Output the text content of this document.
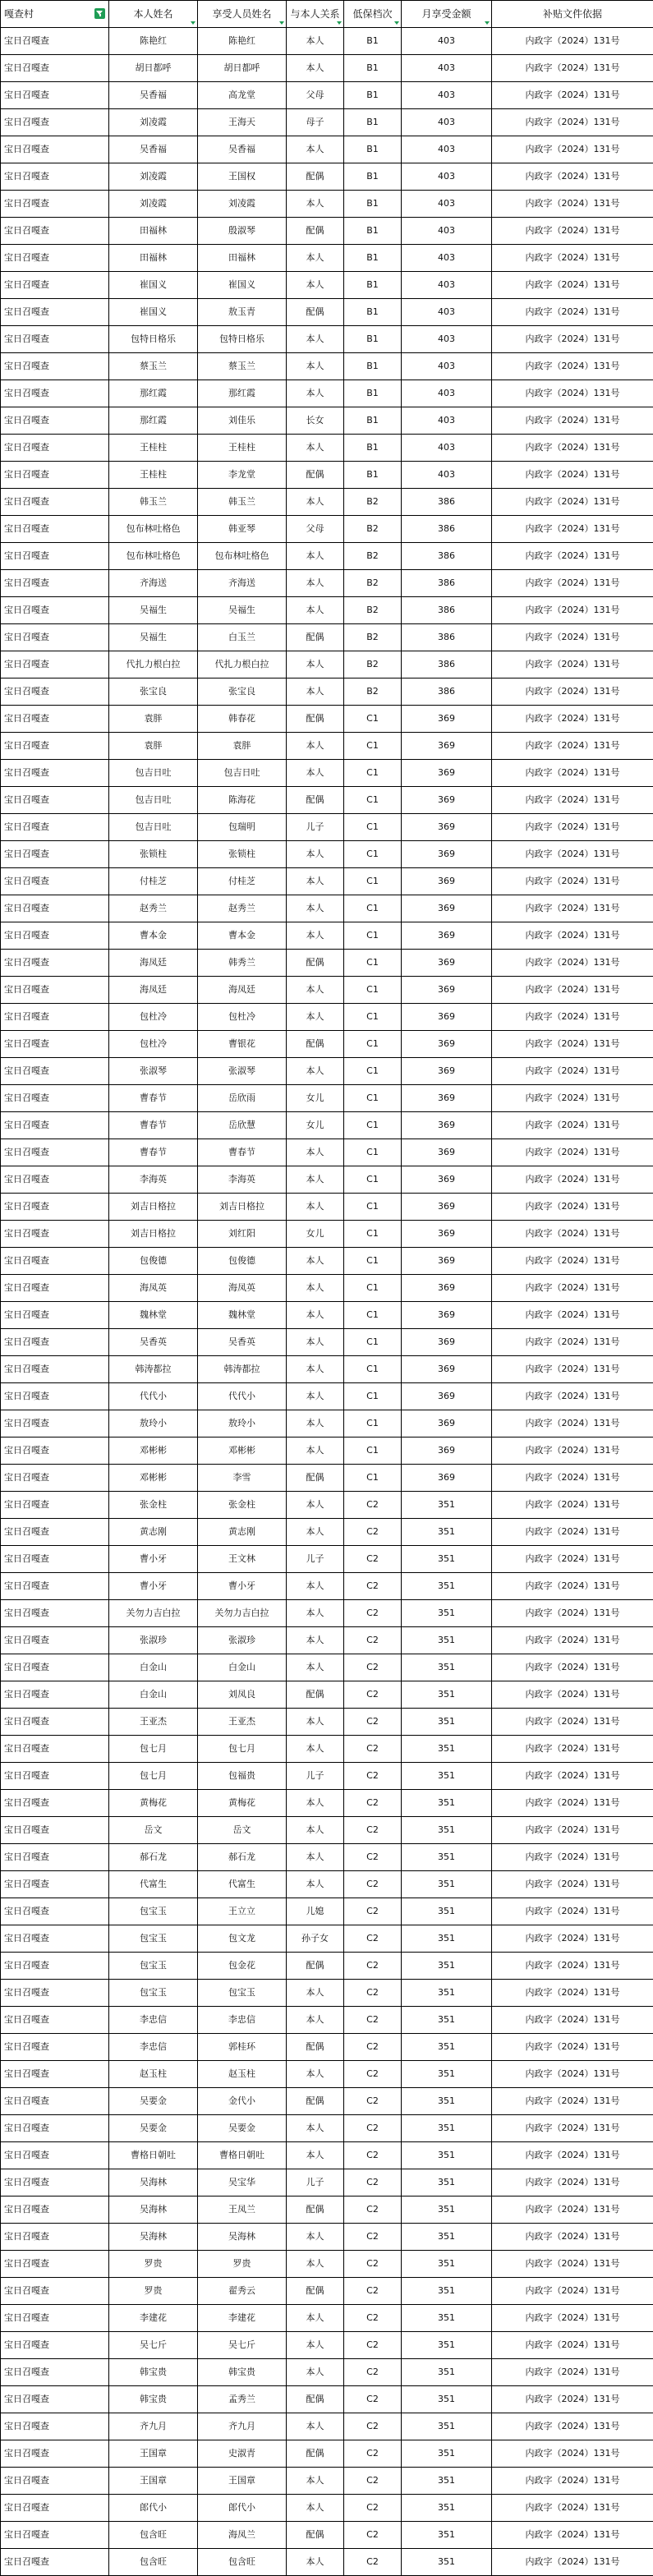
嘎查村	本人姓名	享受人员姓名	与本人关系	低保档次	月享受金额	补贴文件依据

宝日召嘎查	陈艳红	陈艳红	本人	B1	403	内政字（2024）131号
宝日召嘎查	胡日都呼	胡日都呼	本人	B1	403	内政字（2024）131号
宝日召嘎查	吴香福	高龙堂	父母	B1	403	内政字（2024）131号
宝日召嘎查	刘凌霞	王海天	母子	B1	403	内政字（2024）131号
宝日召嘎查	吴香福	吴香福	本人	B1	403	内政字（2024）131号
宝日召嘎查	刘凌霞	王国权	配偶	B1	403	内政字（2024）131号
宝日召嘎查	刘凌霞	刘凌霞	本人	B1	403	内政字（2024）131号
宝日召嘎查	田福林	殷淑琴	配偶	B1	403	内政字（2024）131号
宝日召嘎查	田福林	田福林	本人	B1	403	内政字（2024）131号
宝日召嘎查	崔国义	崔国义	本人	B1	403	内政字（2024）131号
宝日召嘎查	崔国义	敖玉青	配偶	B1	403	内政字（2024）131号
宝日召嘎查	包特日格乐	包特日格乐	本人	B1	403	内政字（2024）131号
宝日召嘎查	蔡玉兰	蔡玉兰	本人	B1	403	内政字（2024）131号
宝日召嘎查	那红霞	那红霞	本人	B1	403	内政字（2024）131号
宝日召嘎查	那红霞	刘佳乐	长女	B1	403	内政字（2024）131号
宝日召嘎查	王桂柱	王桂柱	本人	B1	403	内政字（2024）131号
宝日召嘎查	王桂柱	李龙堂	配偶	B1	403	内政字（2024）131号
宝日召嘎查	韩玉兰	韩玉兰	本人	B2	386	内政字（2024）131号
宝日召嘎查	包布林吐格色	韩亚琴	父母	B2	386	内政字（2024）131号
宝日召嘎查	包布林吐格色	包布林吐格色	本人	B2	386	内政字（2024）131号
宝日召嘎查	齐海送	齐海送	本人	B2	386	内政字（2024）131号
宝日召嘎查	吴福生	吴福生	本人	B2	386	内政字（2024）131号
宝日召嘎查	吴福生	白玉兰	配偶	B2	386	内政字（2024）131号
宝日召嘎查	代扎力根白拉	代扎力根白拉	本人	B2	386	内政字（2024）131号
宝日召嘎查	张宝良	张宝良	本人	B2	386	内政字（2024）131号
宝日召嘎查	袁胖	韩春花	配偶	C1	369	内政字（2024）131号
宝日召嘎查	袁胖	袁胖	本人	C1	369	内政字（2024）131号
宝日召嘎查	包吉日吐	包吉日吐	本人	C1	369	内政字（2024）131号
宝日召嘎查	包吉日吐	陈海花	配偶	C1	369	内政字（2024）131号
宝日召嘎查	包吉日吐	包瑞明	儿子	C1	369	内政字（2024）131号
宝日召嘎查	张锁柱	张锁柱	本人	C1	369	内政字（2024）131号
宝日召嘎查	付桂芝	付桂芝	本人	C1	369	内政字（2024）131号
宝日召嘎查	赵秀兰	赵秀兰	本人	C1	369	内政字（2024）131号
宝日召嘎查	曹本金	曹本金	本人	C1	369	内政字（2024）131号
宝日召嘎查	海凤廷	韩秀兰	配偶	C1	369	内政字（2024）131号
宝日召嘎查	海凤廷	海凤廷	本人	C1	369	内政字（2024）131号
宝日召嘎查	包杜冷	包杜冷	本人	C1	369	内政字（2024）131号
宝日召嘎查	包杜冷	曹银花	配偶	C1	369	内政字（2024）131号
宝日召嘎查	张淑琴	张淑琴	本人	C1	369	内政字（2024）131号
宝日召嘎查	曹春节	岳欣雨	女儿	C1	369	内政字（2024）131号
宝日召嘎查	曹春节	岳欣慧	女儿	C1	369	内政字（2024）131号
宝日召嘎查	曹春节	曹春节	本人	C1	369	内政字（2024）131号
宝日召嘎查	李海英	李海英	本人	C1	369	内政字（2024）131号
宝日召嘎查	刘吉日格拉	刘吉日格拉	本人	C1	369	内政字（2024）131号
宝日召嘎查	刘吉日格拉	刘红阳	女儿	C1	369	内政字（2024）131号
宝日召嘎查	包俊德	包俊德	本人	C1	369	内政字（2024）131号
宝日召嘎查	海凤英	海凤英	本人	C1	369	内政字（2024）131号
宝日召嘎查	魏林堂	魏林堂	本人	C1	369	内政字（2024）131号
宝日召嘎查	吴香英	吴香英	本人	C1	369	内政字（2024）131号
宝日召嘎查	韩涛都拉	韩涛都拉	本人	C1	369	内政字（2024）131号
宝日召嘎查	代代小	代代小	本人	C1	369	内政字（2024）131号
宝日召嘎查	敖玲小	敖玲小	本人	C1	369	内政字（2024）131号
宝日召嘎查	邓彬彬	邓彬彬	本人	C1	369	内政字（2024）131号
宝日召嘎查	邓彬彬	李雪	配偶	C1	369	内政字（2024）131号
宝日召嘎查	张金柱	张金柱	本人	C2	351	内政字（2024）131号
宝日召嘎查	黄志刚	黄志刚	本人	C2	351	内政字（2024）131号
宝日召嘎查	曹小牙	王文林	儿子	C2	351	内政字（2024）131号
宝日召嘎查	曹小牙	曹小牙	本人	C2	351	内政字（2024）131号
宝日召嘎查	关勿力吉白拉	关勿力吉白拉	本人	C2	351	内政字（2024）131号
宝日召嘎查	张淑珍	张淑珍	本人	C2	351	内政字（2024）131号
宝日召嘎查	白金山	白金山	本人	C2	351	内政字（2024）131号
宝日召嘎查	白金山	刘凤良	配偶	C2	351	内政字（2024）131号
宝日召嘎查	王亚杰	王亚杰	本人	C2	351	内政字（2024）131号
宝日召嘎查	包七月	包七月	本人	C2	351	内政字（2024）131号
宝日召嘎查	包七月	包福贵	儿子	C2	351	内政字（2024）131号
宝日召嘎查	黄梅花	黄梅花	本人	C2	351	内政字（2024）131号
宝日召嘎查	岳文	岳文	本人	C2	351	内政字（2024）131号
宝日召嘎查	郝石龙	郝石龙	本人	C2	351	内政字（2024）131号
宝日召嘎查	代富生	代富生	本人	C2	351	内政字（2024）131号
宝日召嘎查	包宝玉	王立立	儿媳	C2	351	内政字（2024）131号
宝日召嘎查	包宝玉	包文龙	孙子女	C2	351	内政字（2024）131号
宝日召嘎查	包宝玉	包金花	配偶	C2	351	内政字（2024）131号
宝日召嘎查	包宝玉	包宝玉	本人	C2	351	内政字（2024）131号
宝日召嘎查	李忠信	李忠信	本人	C2	351	内政字（2024）131号
宝日召嘎查	李忠信	郭桂环	配偶	C2	351	内政字（2024）131号
宝日召嘎查	赵玉柱	赵玉柱	本人	C2	351	内政字（2024）131号
宝日召嘎查	吴要金	金代小	配偶	C2	351	内政字（2024）131号
宝日召嘎查	吴要金	吴要金	本人	C2	351	内政字（2024）131号
宝日召嘎查	曹格日朝吐	曹格日朝吐	本人	C2	351	内政字（2024）131号
宝日召嘎查	吴海林	吴宝华	儿子	C2	351	内政字（2024）131号
宝日召嘎查	吴海林	王凤兰	配偶	C2	351	内政字（2024）131号
宝日召嘎查	吴海林	吴海林	本人	C2	351	内政字（2024）131号
宝日召嘎查	罗贵	罗贵	本人	C2	351	内政字（2024）131号
宝日召嘎查	罗贵	翟秀云	配偶	C2	351	内政字（2024）131号
宝日召嘎查	李建花	李建花	本人	C2	351	内政字（2024）131号
宝日召嘎查	吴七斤	吴七斤	本人	C2	351	内政字（2024）131号
宝日召嘎查	韩宝贵	韩宝贵	本人	C2	351	内政字（2024）131号
宝日召嘎查	韩宝贵	孟秀兰	配偶	C2	351	内政字（2024）131号
宝日召嘎查	齐九月	齐九月	本人	C2	351	内政字（2024）131号
宝日召嘎查	王国章	史淑青	配偶	C2	351	内政字（2024）131号
宝日召嘎查	王国章	王国章	本人	C2	351	内政字（2024）131号
宝日召嘎查	郎代小	郎代小	本人	C2	351	内政字（2024）131号
宝日召嘎查	包含旺	海凤兰	配偶	C2	351	内政字（2024）131号
宝日召嘎查	包含旺	包含旺	本人	C2	351	内政字（2024）131号
